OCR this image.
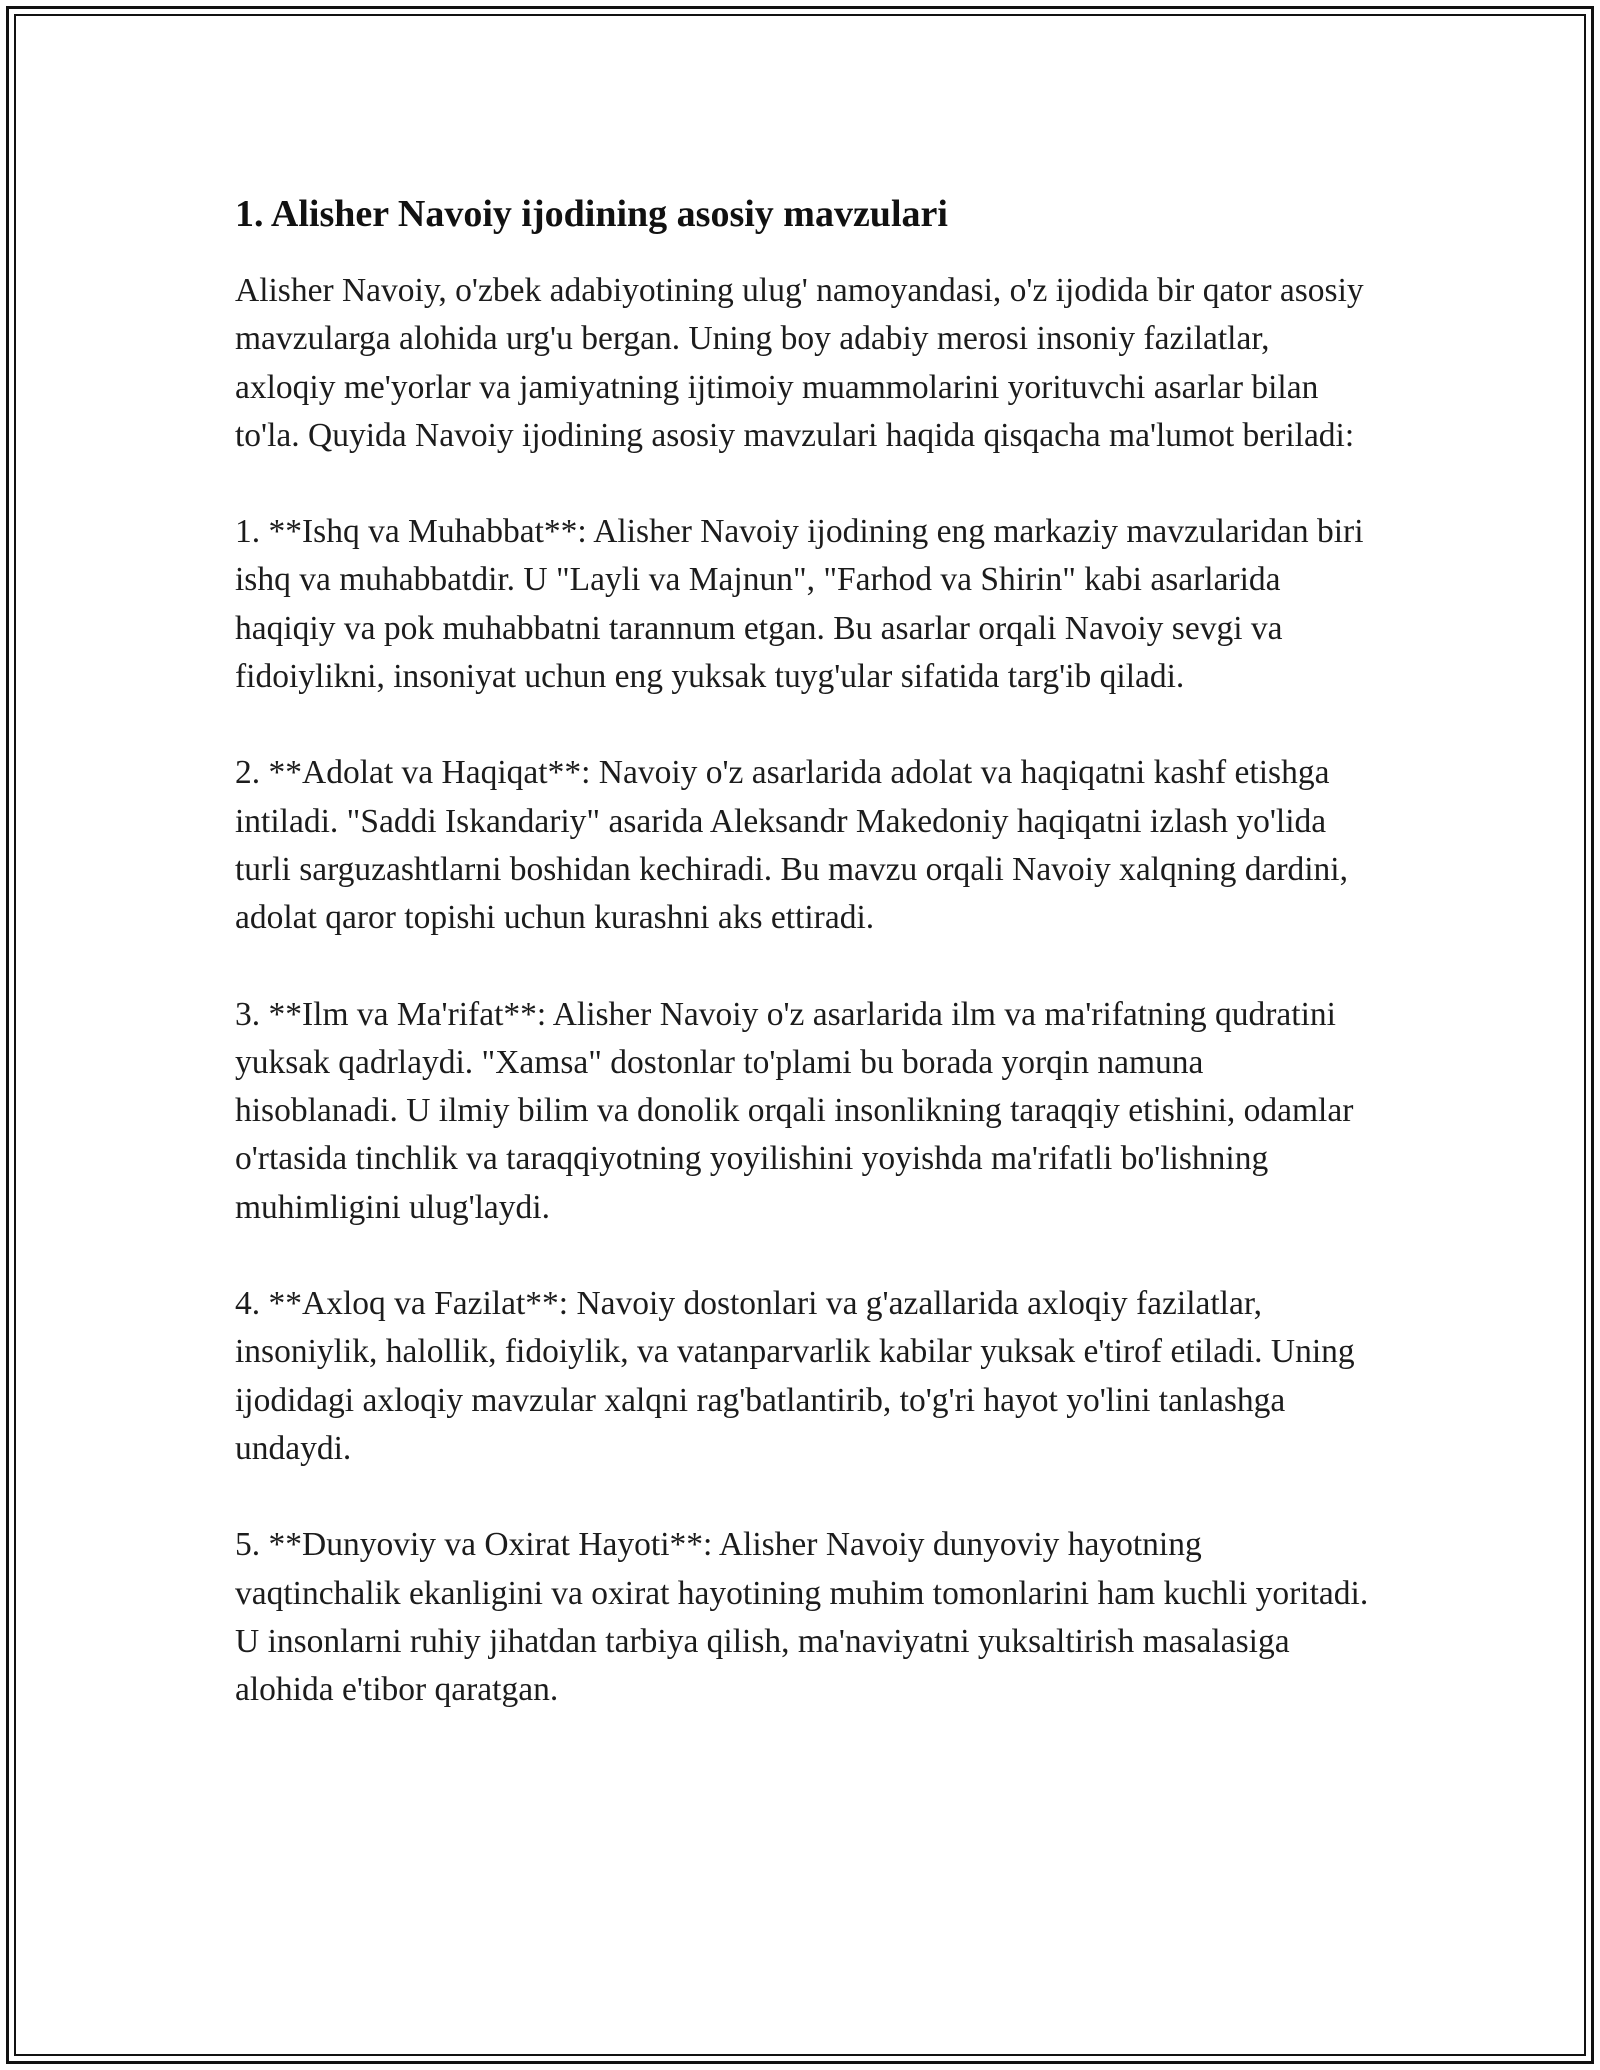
1. Alisher Navoiy ijodining asosiy mavzulari

Alisher Navoiy, o'zbek adabiyotining ulug' namoyandasi, o'z ijodida bir qator asosiy mavzularga alohida urg'u bergan. Uning boy adabiy merosi insoniy fazilatlar, axloqiy me'yorlar va jamiyatning ijtimoiy muammolarini yorituvchi asarlar bilan to'la. Quyida Navoiy ijodining asosiy mavzulari haqida qisqacha ma'lumot beriladi:

1. **Ishq va Muhabbat**: Alisher Navoiy ijodining eng markaziy mavzularidan biri ishq va muhabbatdir. U "Layli va Majnun", "Farhod va Shirin" kabi asarlarida haqiqiy va pok muhabbatni tarannum etgan. Bu asarlar orqali Navoiy sevgi va fidoiylikni, insoniyat uchun eng yuksak tuyg'ular sifatida targ'ib qiladi.

2. **Adolat va Haqiqat**: Navoiy o'z asarlarida adolat va haqiqatni kashf etishga intiladi. "Saddi Iskandariy" asarida Aleksandr Makedoniy haqiqatni izlash yo'lida turli sarguzashtlarni boshidan kechiradi. Bu mavzu orqali Navoiy xalqning dardini, adolat qaror topishi uchun kurashni aks ettiradi.

3. **Ilm va Ma'rifat**: Alisher Navoiy o'z asarlarida ilm va ma'rifatning qudratini yuksak qadrlaydi. "Xamsa" dostonlar to'plami bu borada yorqin namuna hisoblanadi. U ilmiy bilim va donolik orqali insonlikning taraqqiy etishini, odamlar o'rtasida tinchlik va taraqqiyotning yoyilishini yoyishda ma'rifatli bo'lishning muhimligini ulug'laydi.

4. **Axloq va Fazilat**: Navoiy dostonlari va g'azallarida axloqiy fazilatlar, insoniylik, halollik, fidoiylik, va vatanparvarlik kabilar yuksak e'tirof etiladi. Uning ijodidagi axloqiy mavzular xalqni rag'batlantirib, to'g'ri hayot yo'lini tanlashga undaydi.

5. **Dunyoviy va Oxirat Hayoti**: Alisher Navoiy dunyoviy hayotning vaqtinchalik ekanligini va oxirat hayotining muhim tomonlarini ham kuchli yoritadi. U insonlarni ruhiy jihatdan tarbiya qilish, ma'naviyatni yuksaltirish masalasiga alohida e'tibor qaratgan.
